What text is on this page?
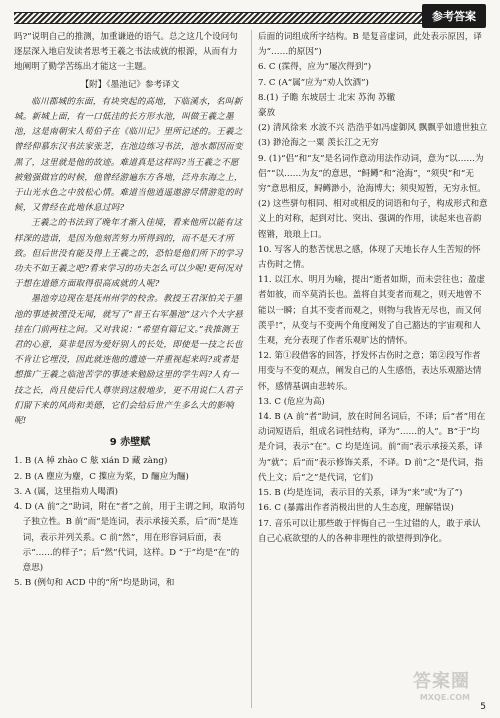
参考答案

吗?”说明自己的推测，加重谦逊的语气。总之这几个设问句逐层深入地启发读者思考王羲之书法成就的根源，从而有力地阐明了勤学苦练出才能这一主题。

【附】《墨池记》参考译文

临川郡城的东面，有块突起的高地，下临溪水，名叫新城。新城上面，有一口低洼的长方形水池，叫做王羲之墨池，这是南朝宋人荀伯子在《临川记》里所记述的。王羲之曾经仰慕东汉书法家张芝，在池边练习书法，池水都因而变黑了，这里就是他的故迹。难道真是这样吗?当王羲之不愿被勉强做官的时候，他曾经游遍东方各地，泛舟东海之上，于山光水色之中放松心情。难道当他逍遥遨游尽情游览的时候，又曾经在此地休息过吗?

王羲之的书法到了晚年才渐入佳境，看来他所以能有这样深的造诣，是因为他刻苦努力所得到的，而不是天才所致。但后世没有能及得上王羲之的，恐怕是他们所下的学习功夫不如王羲之吧?看来学习的功夫怎么可以少呢!更何况对于想在道德方面取得很高成就的人呢?

墨池旁边现在是抚州州学的校舍。教授王君深怕关于墨池的事迹被湮没无闻，就写了“晋王右军墨池”这六个大字悬挂在门前两柱之间。又对我说：“希望有篇记文。”我推测王君的心意，莫非是因为爱好别人的长处，即使是一技之长也不肯让它埋没，因此就连他的遗迹一并重视起来吗?或者是想推广王羲之临池苦学的事迹来勉励这里的学生吗?人有一技之长，尚且使后代人尊崇到这般地步，更不用说仁人君子们留下来的风尚和美德，它们会给后世产生多么大的影响呢!

9 赤壁赋

1. B (A 棹 zhào C 舷 xián D 藏 zàng)

2. B (A 塵应为麈，C 擛应为桨，D 酾应为酾)

3. A (属，这里指劝人喝酒)

4. D (A 前“之”助词，附在“者”之前，用于主谓之间，取消句子独立性。B 前“而”是连词，表示承接关系，后“而”是连词，表示并列关系。C 前“然”，用在形容词后面，表示“……的样子”；后“然”代词，这样。D “于”均是“在”的意思)

5. B (例句和 ACD 中的“所”均是助词，和

后面的词组成所字结构。B 是复音虚词，此处表示原因，译为“……的原因”)

6. C (霂得，应为“屡次得到”)

7. C (A“属”应为“劝人饮酒”)

8.(1) 子瞻 东坡居士 北宋 苏洵 苏辙

豪放

(2) 清风徐来 水波不兴 浩浩乎如冯虚御风 飘飘乎如遗世独立

(3) 渺沧海之一粟 羡长江之无穷

9. (1)“侣”和“友”是名词作意动用法作动词，意为“以……为侣”“以……为友”的意思，“鲟鳟”和“沧海”，“须臾”和“无穷”意思相反，鲟鳟渺小，沧海博大；须臾短暂，无穷永恒。

(2) 这些骈句相同、相对或相反的词语和句子，构成形式和意义上的对称，起到对比、突出、强调的作用，读起来也音韵铿锵，琅琅上口。

10. 写客人的愁苦忧思之感，体现了天地长存人生苦短的怀古伤时之情。

11. 以江水、明月为喻，提出“逝者如斯，而未尝往也；盈虚者如彼，而卒莫消长也。盖将自其变者而观之，则天地曾不能以一瞬；自其不变者而观之，则物与我皆无尽也，而又何羡乎!”，从变与不变两个角度阐发了自己豁达的宇宙观和人生观，充分表现了作者乐观旷达的情怀。

12. 第①段借客的回答，抒发怀古伤时之意；第②段写作者用变与不变的观点，阐发自己的人生感悟，表达乐观豁达情怀，感情基调由悲转乐。

13. C (危应为高)

14. B (A 前“者”助词，放在时间名词后，不译；后“者”用在动词短语后，组成名词性结构，译为“……的人”。B“于”均是介词，表示“在”。C 均是连词。前“而”表示承接关系，译为“就”；后“而”表示修饰关系，不译。D 前“之”是代词，指代上文；后“之”是代词，它们)

15. B (均是连词，表示目的关系，译为“来”或“为了”)

16. C (暴露出作者消极出世的人生态度，理解错误)

17. 音乐可以让那些敢于怦悔自己一生过错的人，敢于承认自己心底欲望的人的各种非理性的欲望得到净化。

答案圈
MXQE.COM
5
